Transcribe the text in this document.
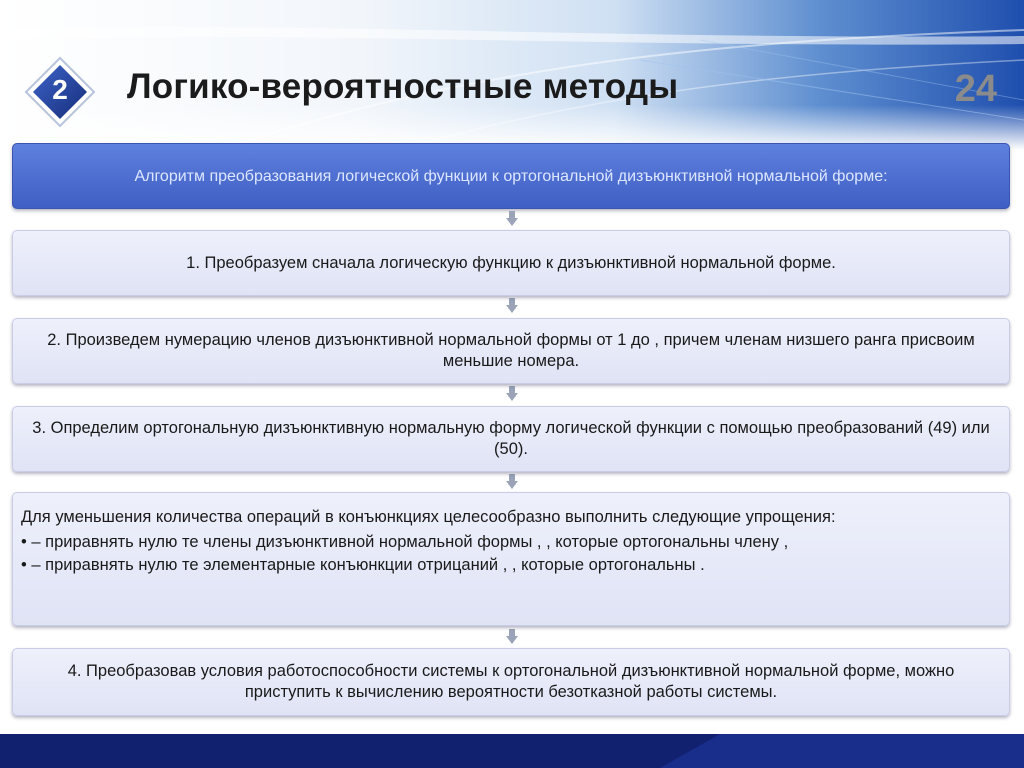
2	Логико-вероятностные методы	24
Алгоритм преобразования логической функции к ортогональной дизъюнктивной нормальной форме:
1. Преобразуем сначала логическую функцию к дизъюнктивной нормальной форме.
2. Произведем нумерацию членов дизъюнктивной нормальной формы от 1 до , причем членам низшего ранга присвоим меньшие номера.
3. Определим ортогональную дизъюнктивную нормальную форму логической функции с помощью преобразований (49) или (50).
Для уменьшения количества операций в конъюнкциях целесообразно выполнить следующие упрощения:
• – приравнять нулю те члены дизъюнктивной нормальной формы , , которые ортогональны члену ,
• – приравнять нулю те элементарные конъюнкции отрицаний , , которые ортогональны .
4. Преобразовав условия работоспособности системы к ортогональной дизъюнктивной нормальной форме, можно приступить к вычислению вероятности безотказной работы системы.
